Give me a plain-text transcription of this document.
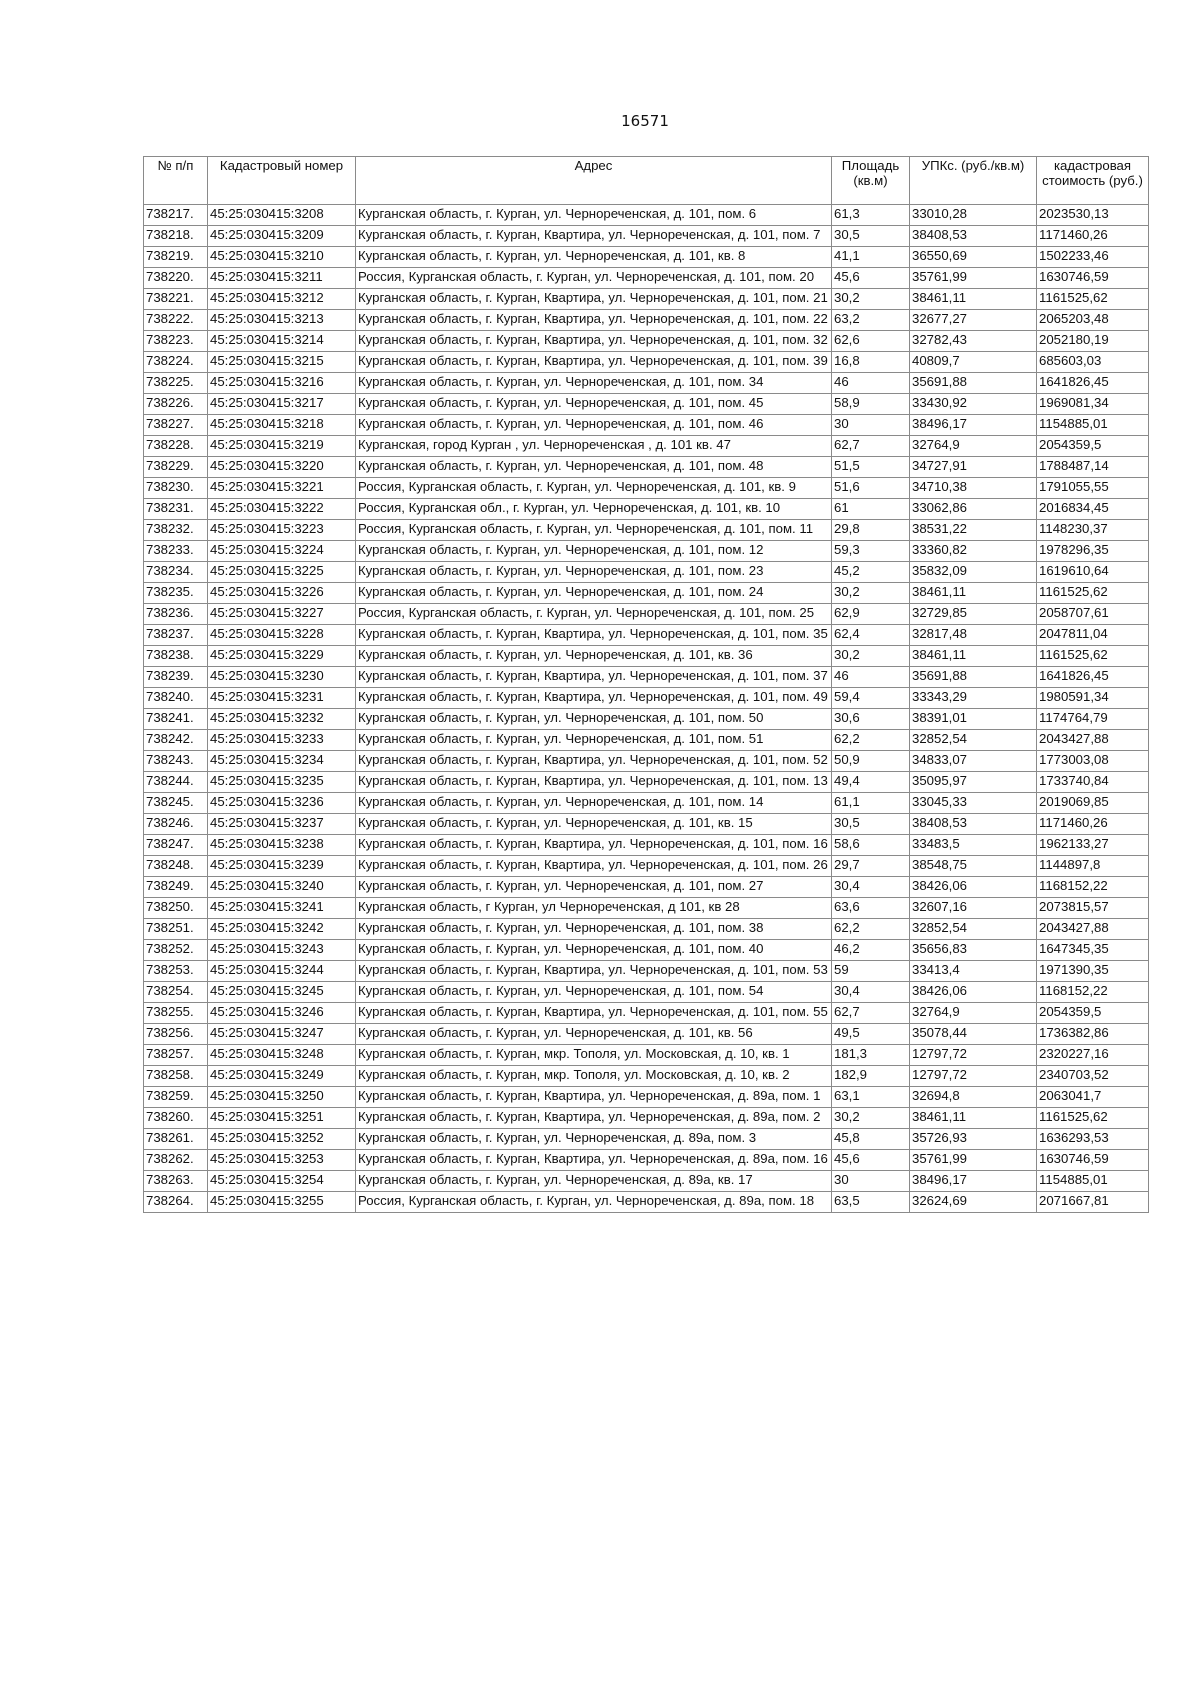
16571
№ п/п	Кадастровый номер	Адрес	Площадь (кв.м)	УПКс. (руб./кв.м)	кадастровая стоимость (руб.)
738217.	45:25:030415:3208	Курганская область, г. Курган, ул. Черноречeнская, д. 101, пом. 6	61,3	33010,28	2023530,13
738218.	45:25:030415:3209	Курганская область, г. Курган, Квартира, ул. Черноречeнская, д. 101, пом. 7	30,5	38408,53	1171460,26
738219.	45:25:030415:3210	Курганская область, г. Курган, ул. Черноречeнская, д. 101, кв. 8	41,1	36550,69	1502233,46
738220.	45:25:030415:3211	Россия, Курганская область, г. Курган, ул. Черноречeнская, д. 101, пом. 20	45,6	35761,99	1630746,59
738221.	45:25:030415:3212	Курганская область, г. Курган, Квартира, ул. Черноречeнская, д. 101, пом. 21	30,2	38461,11	1161525,62
738222.	45:25:030415:3213	Курганская область, г. Курган, Квартира, ул. Черноречeнская, д. 101, пом. 22	63,2	32677,27	2065203,48
738223.	45:25:030415:3214	Курганская область, г. Курган, Квартира, ул. Черноречeнская, д. 101, пом. 32	62,6	32782,43	2052180,19
738224.	45:25:030415:3215	Курганская область, г. Курган, Квартира, ул. Черноречeнская, д. 101, пом. 39	16,8	40809,7	685603,03
738225.	45:25:030415:3216	Курганская область, г. Курган, ул. Черноречeнская, д. 101, пом. 34	46	35691,88	1641826,45
738226.	45:25:030415:3217	Курганская область, г. Курган, ул. Черноречeнская, д. 101, пом. 45	58,9	33430,92	1969081,34
738227.	45:25:030415:3218	Курганская область, г. Курган, ул. Черноречeнская, д. 101, пом. 46	30	38496,17	1154885,01
738228.	45:25:030415:3219	Курганская, город Курган , ул. Черноречeнская , д. 101 кв. 47	62,7	32764,9	2054359,5
738229.	45:25:030415:3220	Курганская область, г. Курган, ул. Черноречeнская, д. 101, пом. 48	51,5	34727,91	1788487,14
738230.	45:25:030415:3221	Россия, Курганская область, г. Курган, ул. Черноречeнская, д. 101, кв. 9	51,6	34710,38	1791055,55
738231.	45:25:030415:3222	Россия, Курганская обл., г. Курган, ул. Черноречeнская, д. 101, кв. 10	61	33062,86	2016834,45
738232.	45:25:030415:3223	Россия, Курганская область, г. Курган, ул. Черноречeнская, д. 101, пом. 11	29,8	38531,22	1148230,37
738233.	45:25:030415:3224	Курганская область, г. Курган, ул. Черноречeнская, д. 101, пом. 12	59,3	33360,82	1978296,35
738234.	45:25:030415:3225	Курганская область, г. Курган, ул. Черноречeнская, д. 101, пом. 23	45,2	35832,09	1619610,64
738235.	45:25:030415:3226	Курганская область, г. Курган, ул. Черноречeнская, д. 101, пом. 24	30,2	38461,11	1161525,62
738236.	45:25:030415:3227	Россия, Курганская область, г. Курган, ул. Черноречeнская, д. 101, пом. 25	62,9	32729,85	2058707,61
738237.	45:25:030415:3228	Курганская область, г. Курган, Квартира, ул. Черноречeнская, д. 101, пом. 35	62,4	32817,48	2047811,04
738238.	45:25:030415:3229	Курганская область, г. Курган, ул. Черноречeнская, д. 101, кв. 36	30,2	38461,11	1161525,62
738239.	45:25:030415:3230	Курганская область, г. Курган, Квартира, ул. Черноречeнская, д. 101, пом. 37	46	35691,88	1641826,45
738240.	45:25:030415:3231	Курганская область, г. Курган, Квартира, ул. Черноречeнская, д. 101, пом. 49	59,4	33343,29	1980591,34
738241.	45:25:030415:3232	Курганская область, г. Курган, ул. Черноречeнская, д. 101, пом. 50	30,6	38391,01	1174764,79
738242.	45:25:030415:3233	Курганская область, г. Курган, ул. Черноречeнская, д. 101, пом. 51	62,2	32852,54	2043427,88
738243.	45:25:030415:3234	Курганская область, г. Курган, Квартира, ул. Черноречeнская, д. 101, пом. 52	50,9	34833,07	1773003,08
738244.	45:25:030415:3235	Курганская область, г. Курган, Квартира, ул. Черноречeнская, д. 101, пом. 13	49,4	35095,97	1733740,84
738245.	45:25:030415:3236	Курганская область, г. Курган, ул. Черноречeнская, д. 101, пом. 14	61,1	33045,33	2019069,85
738246.	45:25:030415:3237	Курганская область, г. Курган, ул. Черноречeнская, д. 101, кв. 15	30,5	38408,53	1171460,26
738247.	45:25:030415:3238	Курганская область, г. Курган, Квартира, ул. Черноречeнская, д. 101, пом. 16	58,6	33483,5	1962133,27
738248.	45:25:030415:3239	Курганская область, г. Курган, Квартира, ул. Черноречeнская, д. 101, пом. 26	29,7	38548,75	1144897,8
738249.	45:25:030415:3240	Курганская область, г. Курган, ул. Черноречeнская, д. 101, пом. 27	30,4	38426,06	1168152,22
738250.	45:25:030415:3241	Курганская область, г Курган, ул Черноречeнская, д 101, кв 28	63,6	32607,16	2073815,57
738251.	45:25:030415:3242	Курганская область, г. Курган, ул. Черноречeнская, д. 101, пом. 38	62,2	32852,54	2043427,88
738252.	45:25:030415:3243	Курганская область, г. Курган, ул. Черноречeнская, д. 101, пом. 40	46,2	35656,83	1647345,35
738253.	45:25:030415:3244	Курганская область, г. Курган, Квартира, ул. Черноречeнская, д. 101, пом. 53	59	33413,4	1971390,35
738254.	45:25:030415:3245	Курганская область, г. Курган, ул. Черноречeнская, д. 101, пом. 54	30,4	38426,06	1168152,22
738255.	45:25:030415:3246	Курганская область, г. Курган, Квартира, ул. Черноречeнская, д. 101, пом. 55	62,7	32764,9	2054359,5
738256.	45:25:030415:3247	Курганская область, г. Курган, ул. Черноречeнская, д. 101, кв. 56	49,5	35078,44	1736382,86
738257.	45:25:030415:3248	Курганская область, г. Курган, мкр. Тополя, ул. Московская, д. 10, кв. 1	181,3	12797,72	2320227,16
738258.	45:25:030415:3249	Курганская область, г. Курган, мкр. Тополя, ул. Московская, д. 10, кв. 2	182,9	12797,72	2340703,52
738259.	45:25:030415:3250	Курганская область, г. Курган, Квартира, ул. Черноречeнская, д. 89а, пом. 1	63,1	32694,8	2063041,7
738260.	45:25:030415:3251	Курганская область, г. Курган, Квартира, ул. Черноречeнская, д. 89а, пом. 2	30,2	38461,11	1161525,62
738261.	45:25:030415:3252	Курганская область, г. Курган, ул. Черноречeнская, д. 89а, пом. 3	45,8	35726,93	1636293,53
738262.	45:25:030415:3253	Курганская область, г. Курган, Квартира, ул. Черноречeнская, д. 89а, пом. 16	45,6	35761,99	1630746,59
738263.	45:25:030415:3254	Курганская область, г. Курган, ул. Черноречeнская, д. 89а, кв. 17	30	38496,17	1154885,01
738264.	45:25:030415:3255	Россия, Курганская область, г. Курган, ул. Черноречeнская, д. 89а, пом. 18	63,5	32624,69	2071667,81
